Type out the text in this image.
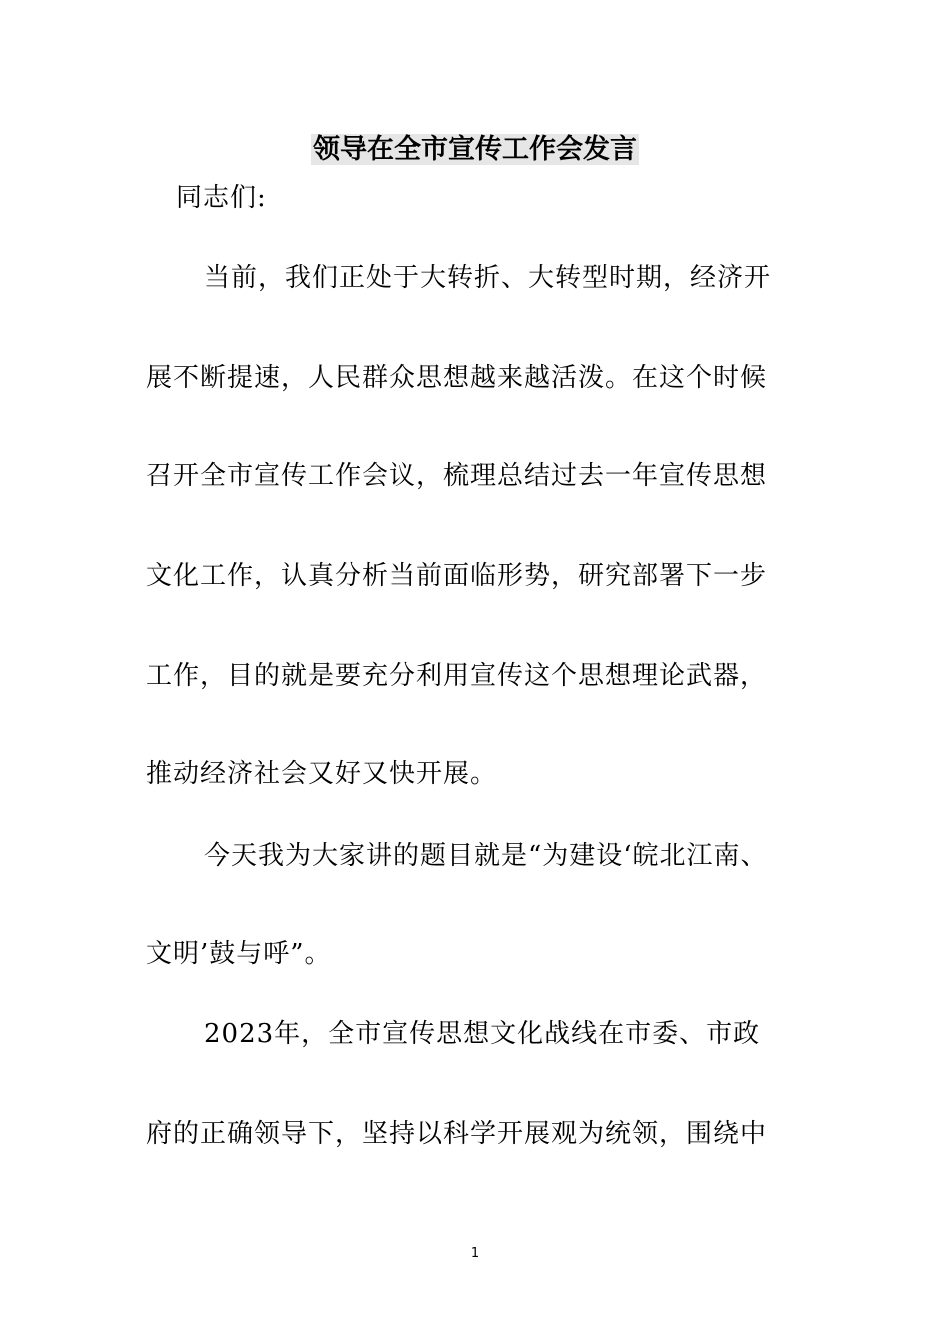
领导在全市宣传工作会发言
同志们:
当前，我们正处于大转折、大转型时期，经济开
展不断提速，人民群众思想越来越活泼。在这个时候
召开全市宣传工作会议，梳理总结过去一年宣传思想
文化工作，认真分析当前面临形势，研究部署下一步
工作，目的就是要充分利用宣传这个思想理论武器，
推动经济社会又好又快开展。
今天我为大家讲的题目就是“为建设‘皖北江南、
文明’鼓与呼”。
2023年，全市宣传思想文化战线在市委、市政
府的正确领导下，坚持以科学开展观为统领，围绕中
1
